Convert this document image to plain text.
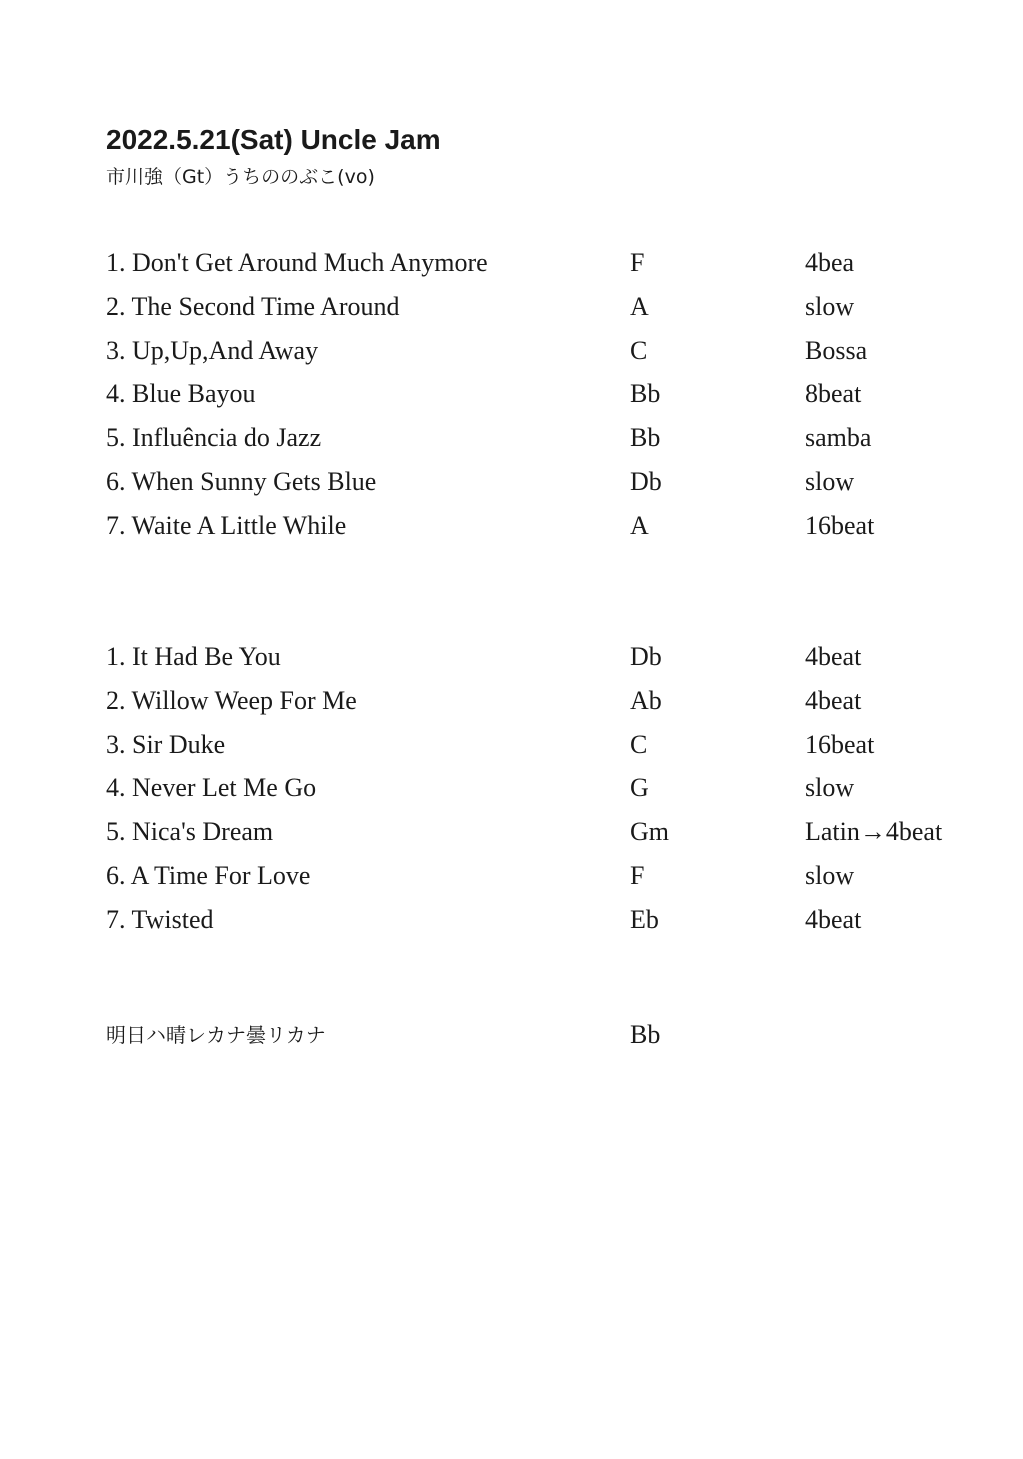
2022.5.21(Sat) Uncle Jam

市川強（Gt）うちののぶこ(vo)

1. Don't Get Around Much Anymore	F	4bea
2. The Second Time Around	A	slow
3. Up,Up,And Away	C	Bossa
4. Blue Bayou	Bb	8beat
5. Influência do Jazz	Bb	samba
6. When Sunny Gets Blue	Db	slow
7. Waite A Little While	A	16beat
1. It Had Be You	Db	4beat
2. Willow Weep For Me	Ab	4beat
3. Sir Duke	C	16beat
4. Never Let Me Go	G	slow
5. Nica's Dream	Gm	Latin→4beat
6. A Time For Love	F	slow
7. Twisted	Eb	4beat
明日ハ晴レカナ曇リカナ	Bb
